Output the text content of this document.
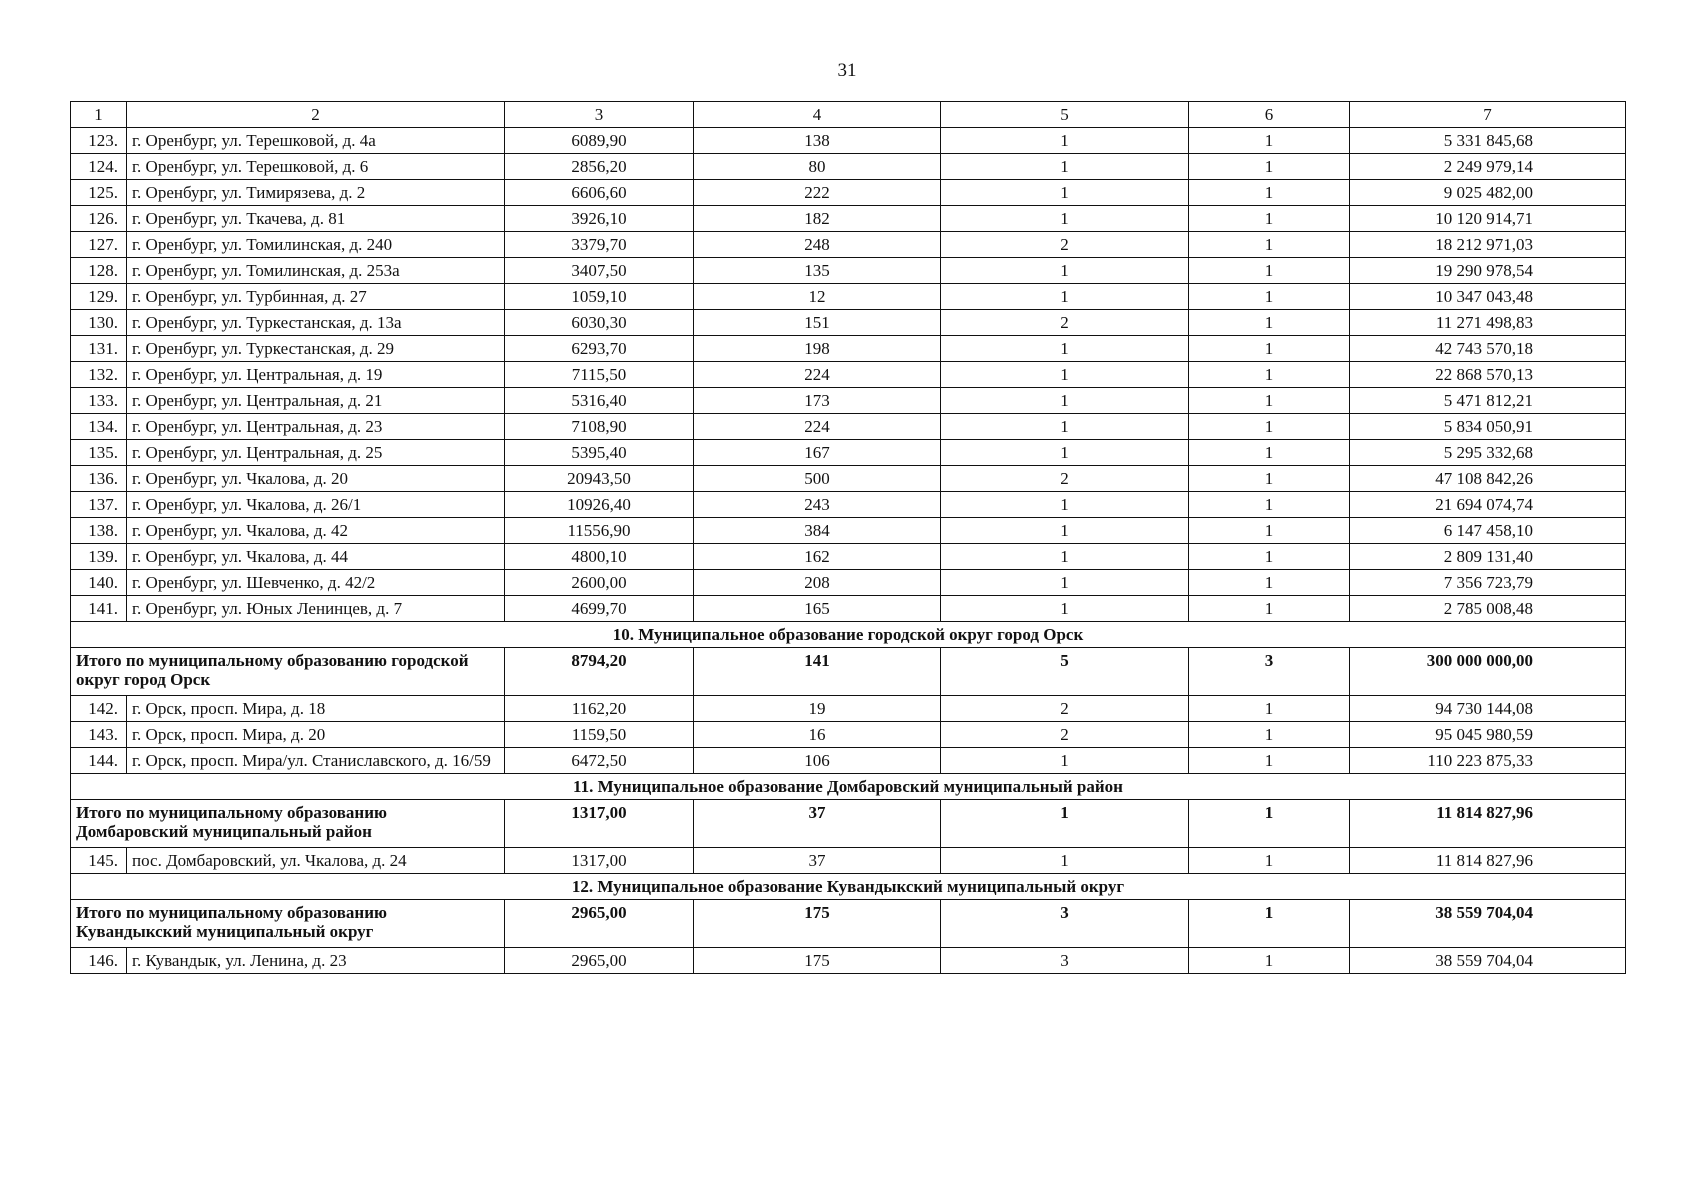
31
1	2	3	4	5	6	7
123.	г. Оренбург, ул. Терешковой, д. 4а	6089,90	138	1	1	5 331 845,68
124.	г. Оренбург, ул. Терешковой, д. 6	2856,20	80	1	1	2 249 979,14
125.	г. Оренбург, ул. Тимирязева, д. 2	6606,60	222	1	1	9 025 482,00
126.	г. Оренбург, ул. Ткачева, д. 81	3926,10	182	1	1	10 120 914,71
127.	г. Оренбург, ул. Томилинская, д. 240	3379,70	248	2	1	18 212 971,03
128.	г. Оренбург, ул. Томилинская, д. 253а	3407,50	135	1	1	19 290 978,54
129.	г. Оренбург, ул. Турбинная, д. 27	1059,10	12	1	1	10 347 043,48
130.	г. Оренбург, ул. Туркестанская, д. 13а	6030,30	151	2	1	11 271 498,83
131.	г. Оренбург, ул. Туркестанская, д. 29	6293,70	198	1	1	42 743 570,18
132.	г. Оренбург, ул. Центральная, д. 19	7115,50	224	1	1	22 868 570,13
133.	г. Оренбург, ул. Центральная, д. 21	5316,40	173	1	1	5 471 812,21
134.	г. Оренбург, ул. Центральная, д. 23	7108,90	224	1	1	5 834 050,91
135.	г. Оренбург, ул. Центральная, д. 25	5395,40	167	1	1	5 295 332,68
136.	г. Оренбург, ул. Чкалова, д. 20	20943,50	500	2	1	47 108 842,26
137.	г. Оренбург, ул. Чкалова, д. 26/1	10926,40	243	1	1	21 694 074,74
138.	г. Оренбург, ул. Чкалова, д. 42	11556,90	384	1	1	6 147 458,10
139.	г. Оренбург, ул. Чкалова, д. 44	4800,10	162	1	1	2 809 131,40
140.	г. Оренбург, ул. Шевченко, д. 42/2	2600,00	208	1	1	7 356 723,79
141.	г. Оренбург, ул. Юных Ленинцев, д. 7	4699,70	165	1	1	2 785 008,48
10. Муниципальное образование городской округ город Орск						
Итого по муниципальному образованию городской округ город Орск		8794,20	141	5	3	300 000 000,00
142.	г. Орск, просп. Мира, д. 18	1162,20	19	2	1	94 730 144,08
143.	г. Орск, просп. Мира, д. 20	1159,50	16	2	1	95 045 980,59
144.	г. Орск, просп. Мира/ул. Станиславского, д. 16/59	6472,50	106	1	1	110 223 875,33
11. Муниципальное образование Домбаровский муниципальный район						
Итого по муниципальному образованию Домбаровский муниципальный район		1317,00	37	1	1	11 814 827,96
145.	пос. Домбаровский, ул. Чкалова, д. 24	1317,00	37	1	1	11 814 827,96
12. Муниципальное образование Кувандыкский муниципальный округ						
Итого по муниципальному образованию Кувандыкский муниципальный округ		2965,00	175	3	1	38 559 704,04
146.	г. Кувандык, ул. Ленина, д. 23	2965,00	175	3	1	38 559 704,04
